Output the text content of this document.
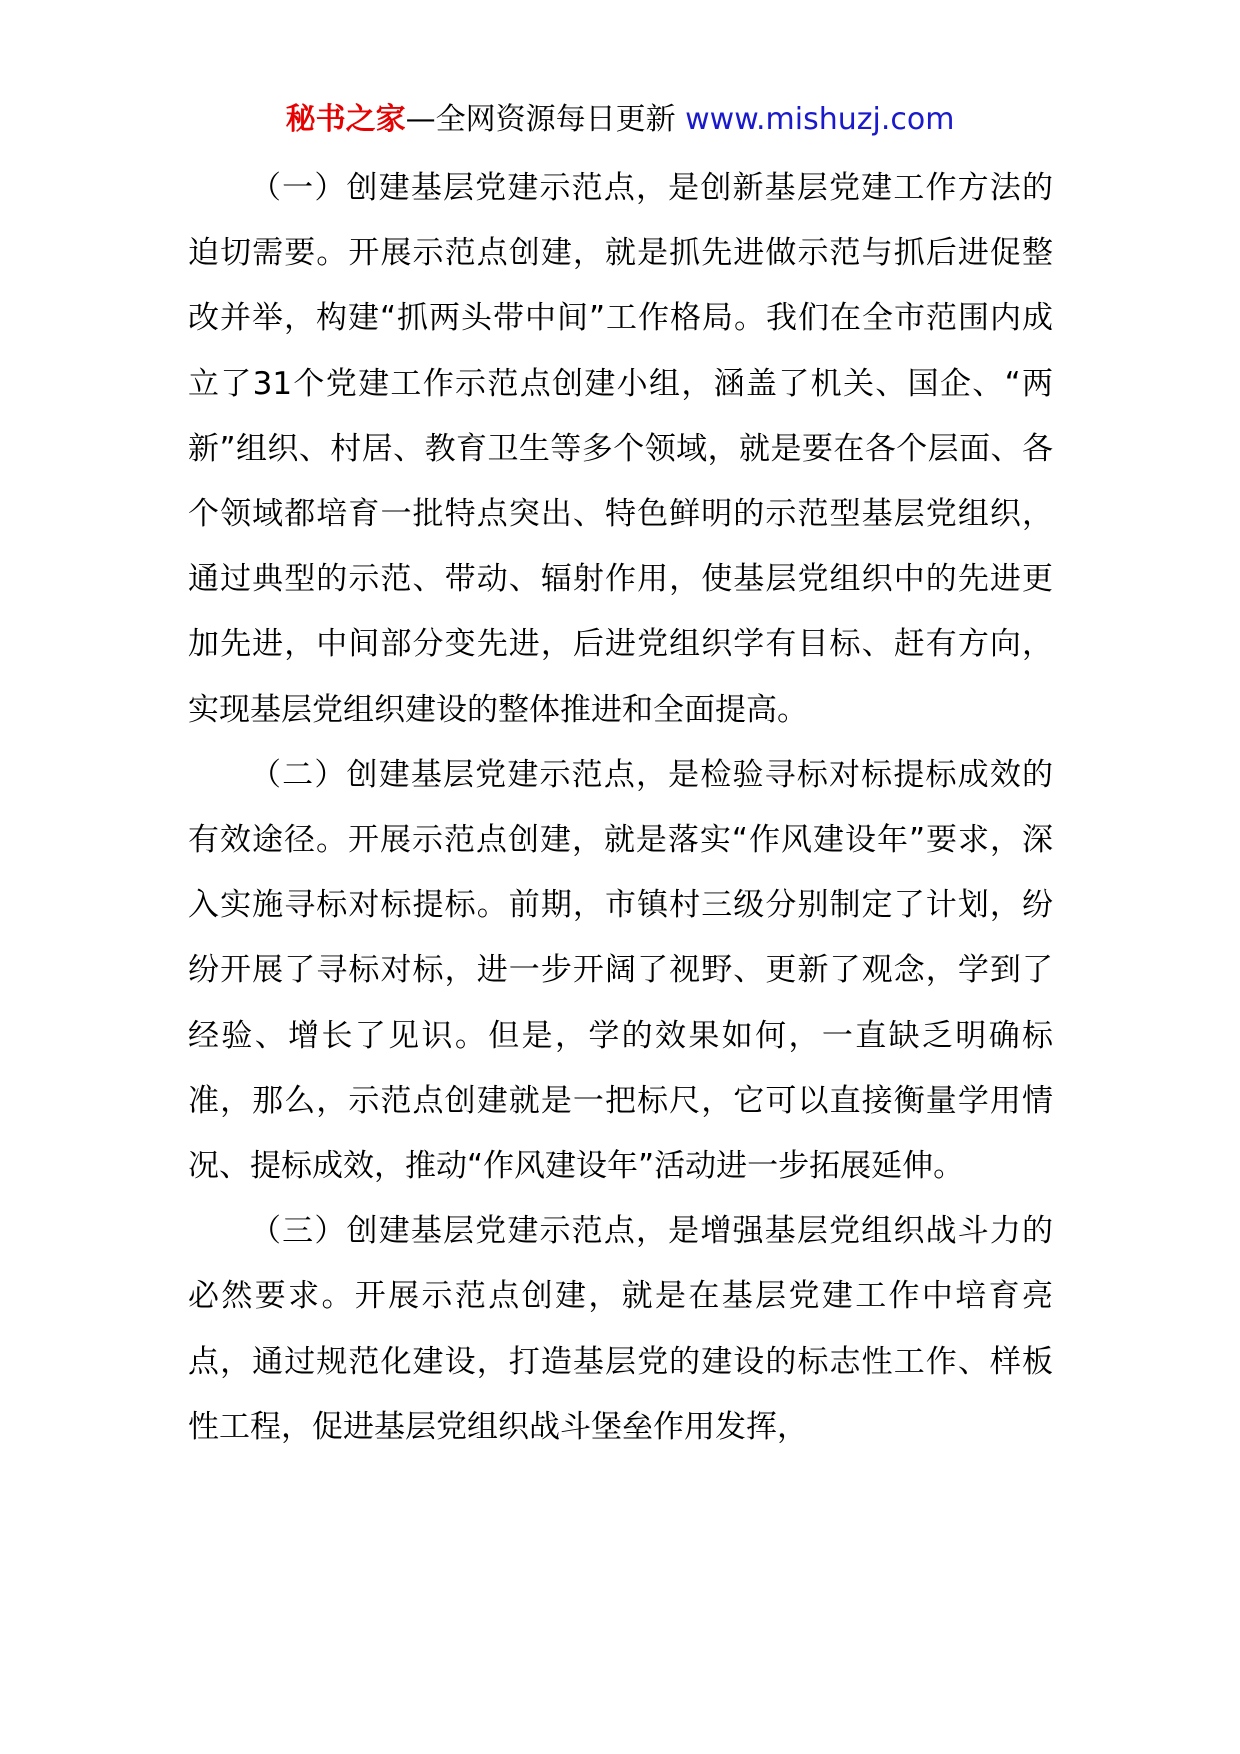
秘书之家—全网资源每日更新 www.mishuzj.com

（一）创建基层党建示范点，是创新基层党建工作方法的迫切需要。开展示范点创建，就是抓先进做示范与抓后进促整改并举，构建“抓两头带中间”工作格局。我们在全市范围内成立了31个党建工作示范点创建小组，涵盖了机关、国企、“两新”组织、村居、教育卫生等多个领域，就是要在各个层面、各个领域都培育一批特点突出、特色鲜明的示范型基层党组织，通过典型的示范、带动、辐射作用，使基层党组织中的先进更加先进，中间部分变先进，后进党组织学有目标、赶有方向，实现基层党组织建设的整体推进和全面提高。

（二）创建基层党建示范点，是检验寻标对标提标成效的有效途径。开展示范点创建，就是落实“作风建设年”要求，深入实施寻标对标提标。前期，市镇村三级分别制定了计划，纷纷开展了寻标对标，进一步开阔了视野、更新了观念，学到了经验、增长了见识。但是，学的效果如何，一直缺乏明确标准，那么，示范点创建就是一把标尺，它可以直接衡量学用情况、提标成效，推动“作风建设年”活动进一步拓展延伸。

（三）创建基层党建示范点，是增强基层党组织战斗力的必然要求。开展示范点创建，就是在基层党建工作中培育亮点，通过规范化建设，打造基层党的建设的标志性工作、样板性工程，促进基层党组织战斗堡垒作用发挥，
